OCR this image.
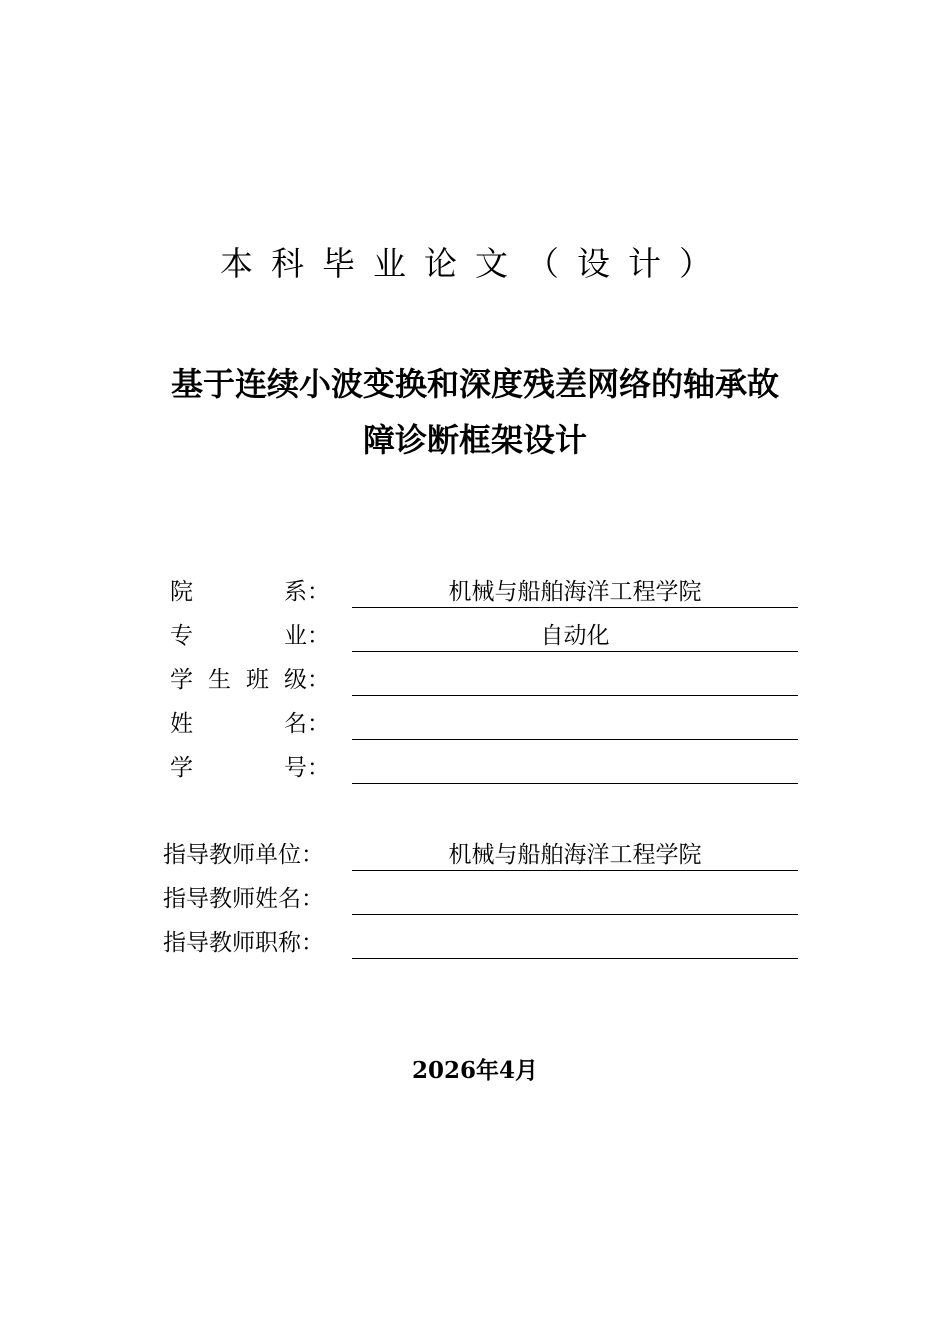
本科毕业论文（设计）
基于连续小波变换和深度残差网络的轴承故
障诊断框架设计
院	系：	机械与船舶海洋工程学院
专	业：	自动化
学 生 班 级：
姓	名：
学	号：
指导教师单位：	机械与船舶海洋工程学院
指导教师姓名：
指导教师职称：
2026年4月
